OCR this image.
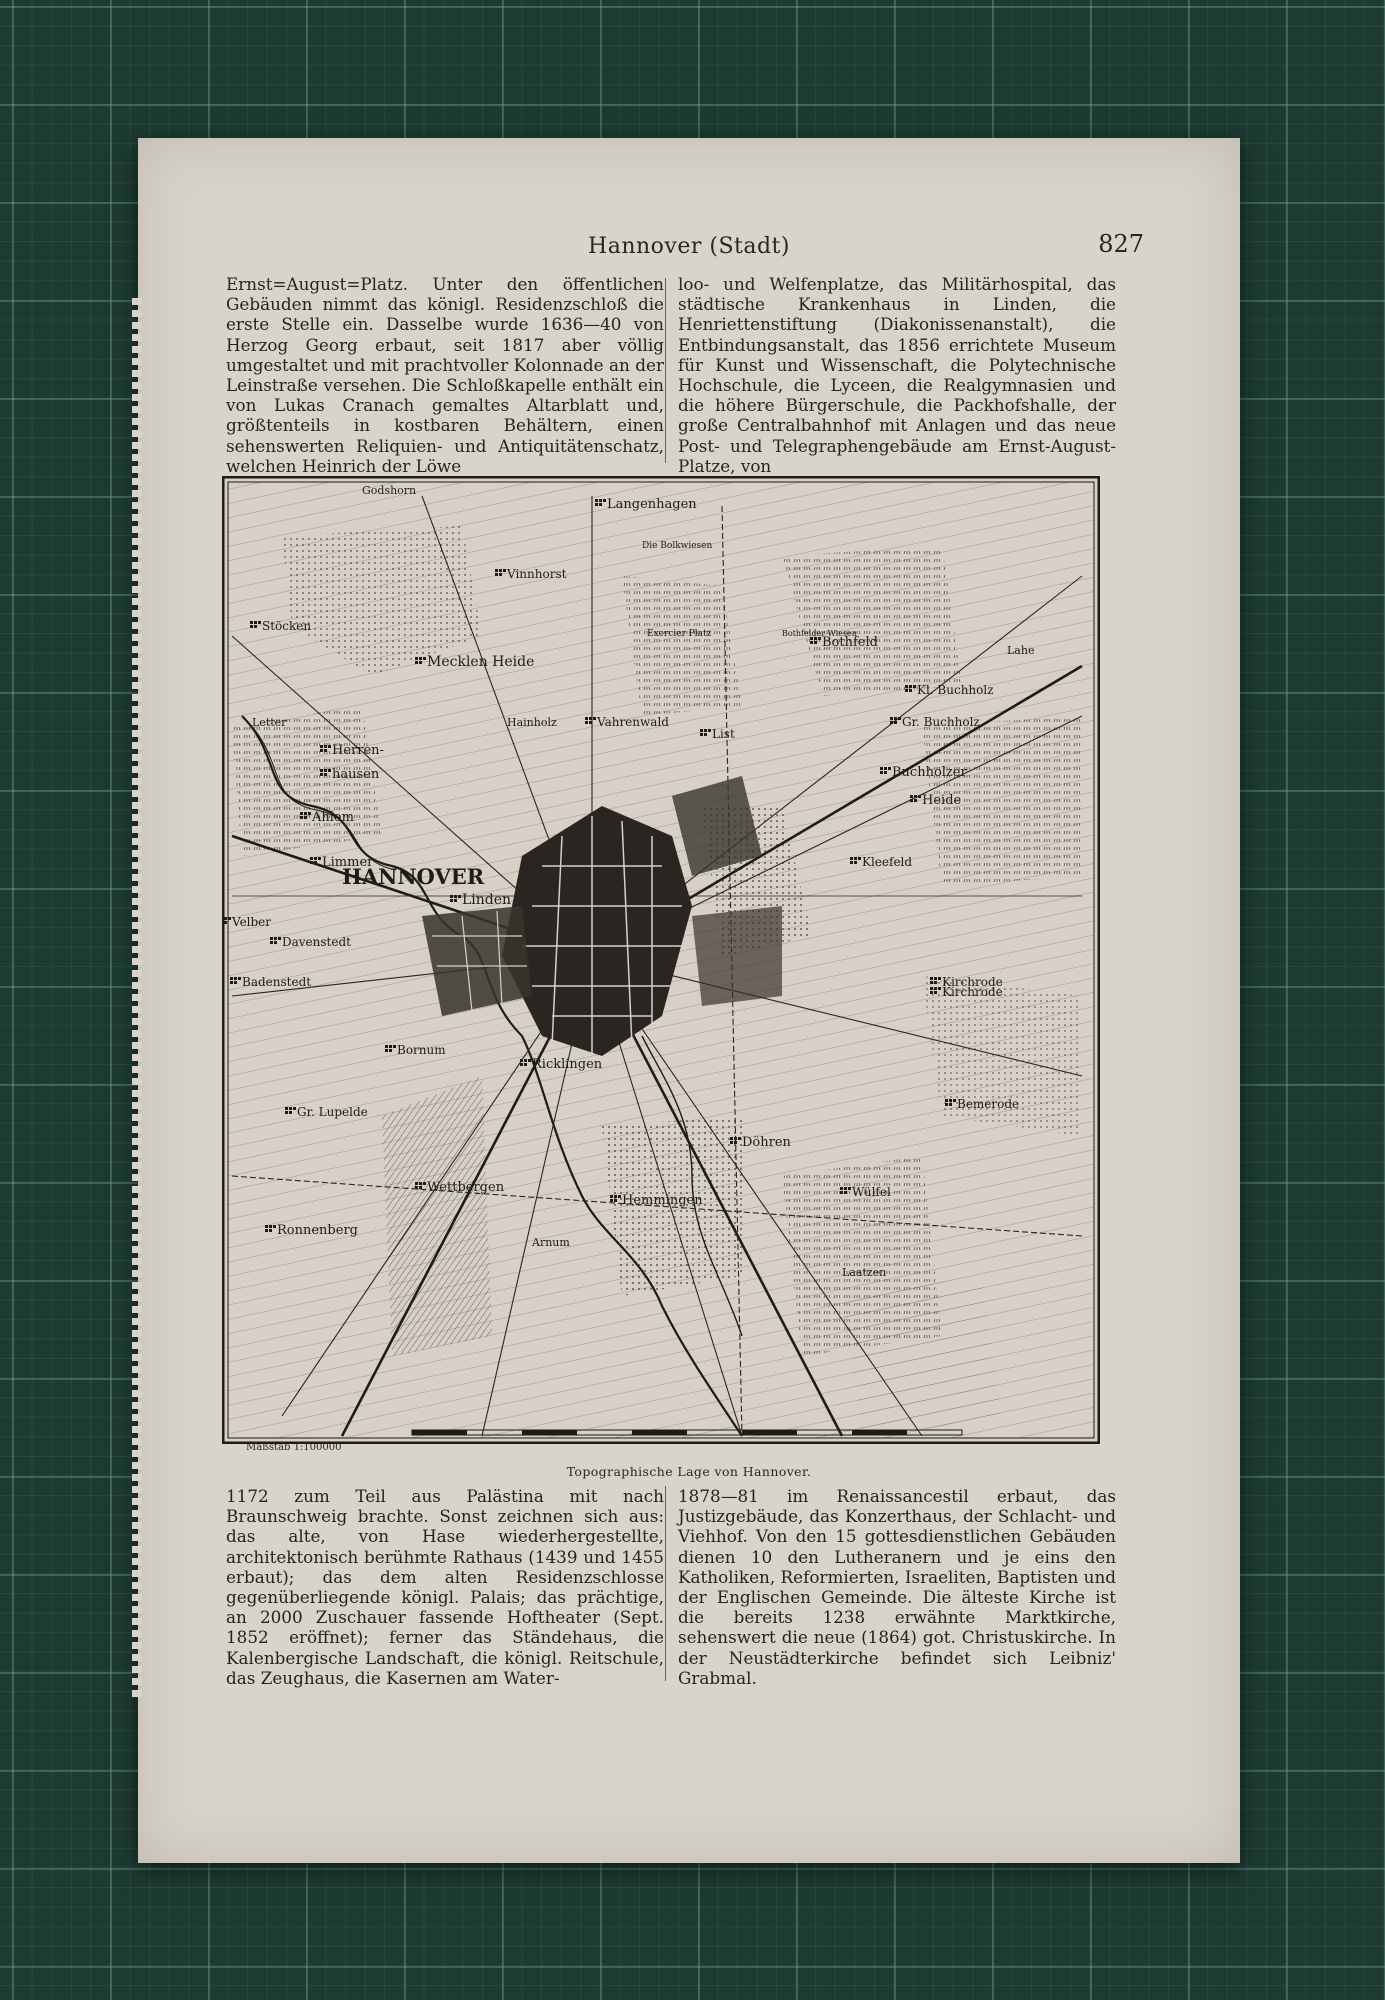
Hannover (Stadt)	827
Ernst=August=Platz. Unter den öffentlichen Gebäuden nimmt das königl. Residenzschloß die erste Stelle ein. Dasselbe wurde 1636—40 von Herzog Georg erbaut, seit 1817 aber völlig umgestaltet und mit prachtvoller Kolonnade an der Leinstraße versehen. Die Schloßkapelle enthält ein von Lukas Cranach gemaltes Altarblatt und, größtenteils in kostbaren Behältern, einen sehenswerten Reliquien- und Antiquitätenschatz, welchen Heinrich der Löwe
loo- und Welfenplatze, das Militärhospital, das städtische Krankenhaus in Linden, die Henriettenstiftung (Diakonissenanstalt), die Entbindungsanstalt, das 1856 errichtete Museum für Kunst und Wissenschaft, die Polytechnische Hochschule, die Lyceen, die Realgymnasien und die höhere Bürgerschule, die Packhofshalle, der große Centralbahnhof mit Anlagen und das neue Post- und Telegraphengebäude am Ernst-August-Platze, von
Godshorn
Langenhagen
Die Bolkwiesen
Vinnhorst
Stöcken
Exercier Platz	Bothfelder Wiesen
Bothfeld
Lahe
Mecklen Heide
Kl. Buchholz
Gr. Buchholz
Letter	Hainholz	Vahrenwald
List
Herren-
hausen	Buchholzer
Heide
Ahlem
Limmer	Kleefeld
Linden
Velber
Davenstedt
Badenstedt	Kirchrode
Bornum
Ricklingen
Bemerode
Gr. Lupelde
Döhren
Wettbergen	Wülfel
Hemmingen
Ronnenberg
Laatzen
Arnum
Kirchrode
HANNOVER
Maßstab 1:100000
Topographische Lage von Hannover.
1172 zum Teil aus Palästina mit nach Braunschweig brachte. Sonst zeichnen sich aus: das alte, von Hase wiederhergestellte, architektonisch berühmte Rathaus (1439 und 1455 erbaut); das dem alten Residenzschlosse gegenüberliegende königl. Palais; das prächtige, an 2000 Zuschauer fassende Hoftheater (Sept. 1852 eröffnet); ferner das Ständehaus, die Kalenbergische Landschaft, die königl. Reitschule, das Zeughaus, die Kasernen am Water-
1878—81 im Renaissancestil erbaut, das Justizgebäude, das Konzerthaus, der Schlacht- und Viehhof. Von den 15 gottesdienstlichen Gebäuden dienen 10 den Lutheranern und je eins den Katholiken, Reformierten, Israeliten, Baptisten und der Englischen Gemeinde. Die älteste Kirche ist die bereits 1238 erwähnte Marktkirche, sehenswert die neue (1864) got. Christuskirche. In der Neustädterkirche befindet sich Leibniz' Grabmal.
